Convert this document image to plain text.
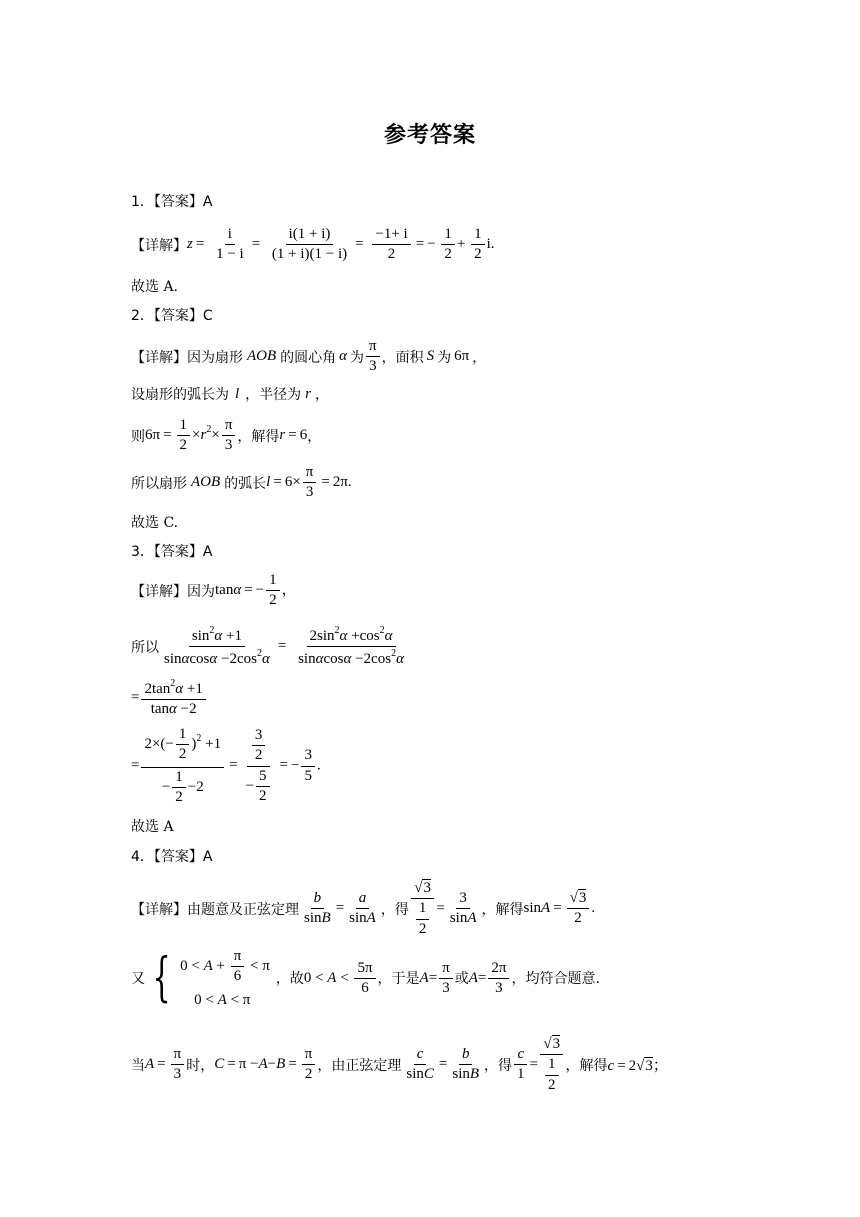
参考答案
1．【答案】A
【详解】 $z = \frac{i}{1 - i} = \frac{i(1 + i)}{(1 + i)(1 - i)} = \frac{-1+ i}{2}$ = − $\frac{1}{2} + \frac{1}{2} i$.
故选 A.
2．【答案】C
【详解】 因为扇形 AOB 的圆心角 α 为 $\frac{\pi}{3}$ ，面积 S 为 6π ，
设扇形的弧长为 l ，半径为 r ，
则 $6\pi = \frac{1}{2} \times r^2\times \frac{\pi}{3}$ ，解得 r = 6 ，
所以扇形 AOB 的弧长 $l = 6\times \frac{\pi}{3} = 2\pi$.
故选 C.
3．【答案】A
【详解】 因为 tanα = − $\frac{1}{2}$ ，
所以 $\frac{\sin^2\alpha +1}{\sin\alpha\cos\alpha -2\cos^2\alpha} = \frac{2\sin^2\alpha +\cos^2\alpha}{\sin\alpha\cos\alpha -2\cos^2\alpha}$
= $\frac{2\tan^2\alpha +1}{\tan\alpha -2}$
= $\frac{2\times(- \frac{1}{2} )^2 +1}{- \frac{1}{2} -2} = \frac{\frac{3}{2}}{- \frac{5}{2}}$ = − $\frac{3}{5}$ .
故选 A
4．【答案】A
【详解】 由题意及正弦定理 $\frac{b}{\sin B} = \frac{a}{\sin A}$ ，得 $\frac{√3}{\frac{1}{2}} = \frac{3}{\sin A}$ ，解得 $\sin A = \frac{√3}{2}$ .
又 { $0 < A + \frac{\pi}{6} < \pi$
0 < A < π
，故 $0 < A < \frac{5\pi}{6}$ ，于是 $A= \frac{\pi}{3}$ 或 $A= \frac{2\pi}{3}$ ，均符合题意.
当 $A = \frac{\pi}{3}$ 时， $C = \pi -A-B = \frac{\pi}{2}$ ，由正弦定理 $\frac{c}{\sin C} = \frac{b}{\sin B}$ ，得 $\frac{c}{1} = \frac{√3}{\frac{1}{2}}$ ，解得 c = 2√3；
